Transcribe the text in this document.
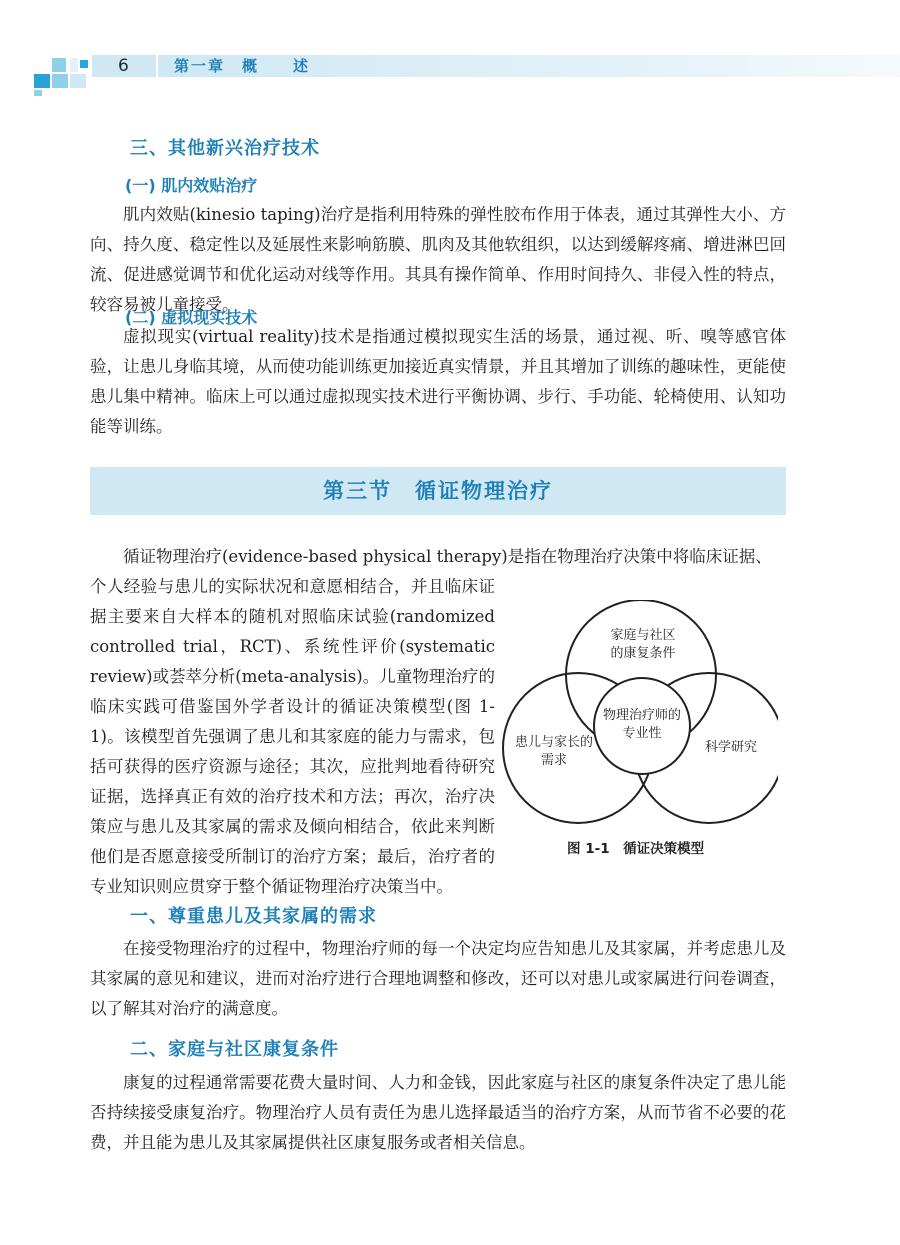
6	第一章　概　　述
三、其他新兴治疗技术
(一) 肌内效贴治疗

肌内效贴(kinesio taping)治疗是指利用特殊的弹性胶布作用于体表，通过其弹性大小、方向、持久度、稳定性以及延展性来影响筋膜、肌肉及其他软组织，以达到缓解疼痛、增进淋巴回流、促进感觉调节和优化运动对线等作用。其具有操作简单、作用时间持久、非侵入性的特点，较容易被儿童接受。

(二) 虚拟现实技术

虚拟现实(virtual reality)技术是指通过模拟现实生活的场景，通过视、听、嗅等感官体验，让患儿身临其境，从而使功能训练更加接近真实情景，并且其增加了训练的趣味性，更能使患儿集中精神。临床上可以通过虚拟现实技术进行平衡协调、步行、手功能、轮椅使用、认知功能等训练。

第三节　循证物理治疗
循证物理治疗(evidence-based physical therapy)是指在物理治疗决策中将临床证据、
个人经验与患儿的实际状况和意愿相结合，并且临床证据主要来自大样本的随机对照临床试验(randomized controlled trial，RCT)、系统性评价(systematic review)或荟萃分析(meta-analysis)。儿童物理治疗的临床实践可借鉴国外学者设计的循证决策模型(图 1-1)。该模型首先强调了患儿和其家庭的能力与需求，包括可获得的医疗资源与途径；其次，应批判地看待研究证据，选择真正有效的治疗技术和方法；再次，治疗决策应与患儿及其家属的需求及倾向相结合，依此来判断他们是否愿意接受所制订的治疗方案；最后，治疗者的专业知识则应贯穿于整个循证物理治疗决策当中。
家庭与社区的康复条件
患儿与家长的需求
物理治疗师的专业性
科学研究
图 1-1　循证决策模型
一、尊重患儿及其家属的需求

在接受物理治疗的过程中，物理治疗师的每一个决定均应告知患儿及其家属，并考虑患儿及其家属的意见和建议，进而对治疗进行合理地调整和修改，还可以对患儿或家属进行问卷调查，以了解其对治疗的满意度。

二、家庭与社区康复条件

康复的过程通常需要花费大量时间、人力和金钱，因此家庭与社区的康复条件决定了患儿能否持续接受康复治疗。物理治疗人员有责任为患儿选择最适当的治疗方案，从而节省不必要的花费，并且能为患儿及其家属提供社区康复服务或者相关信息。
